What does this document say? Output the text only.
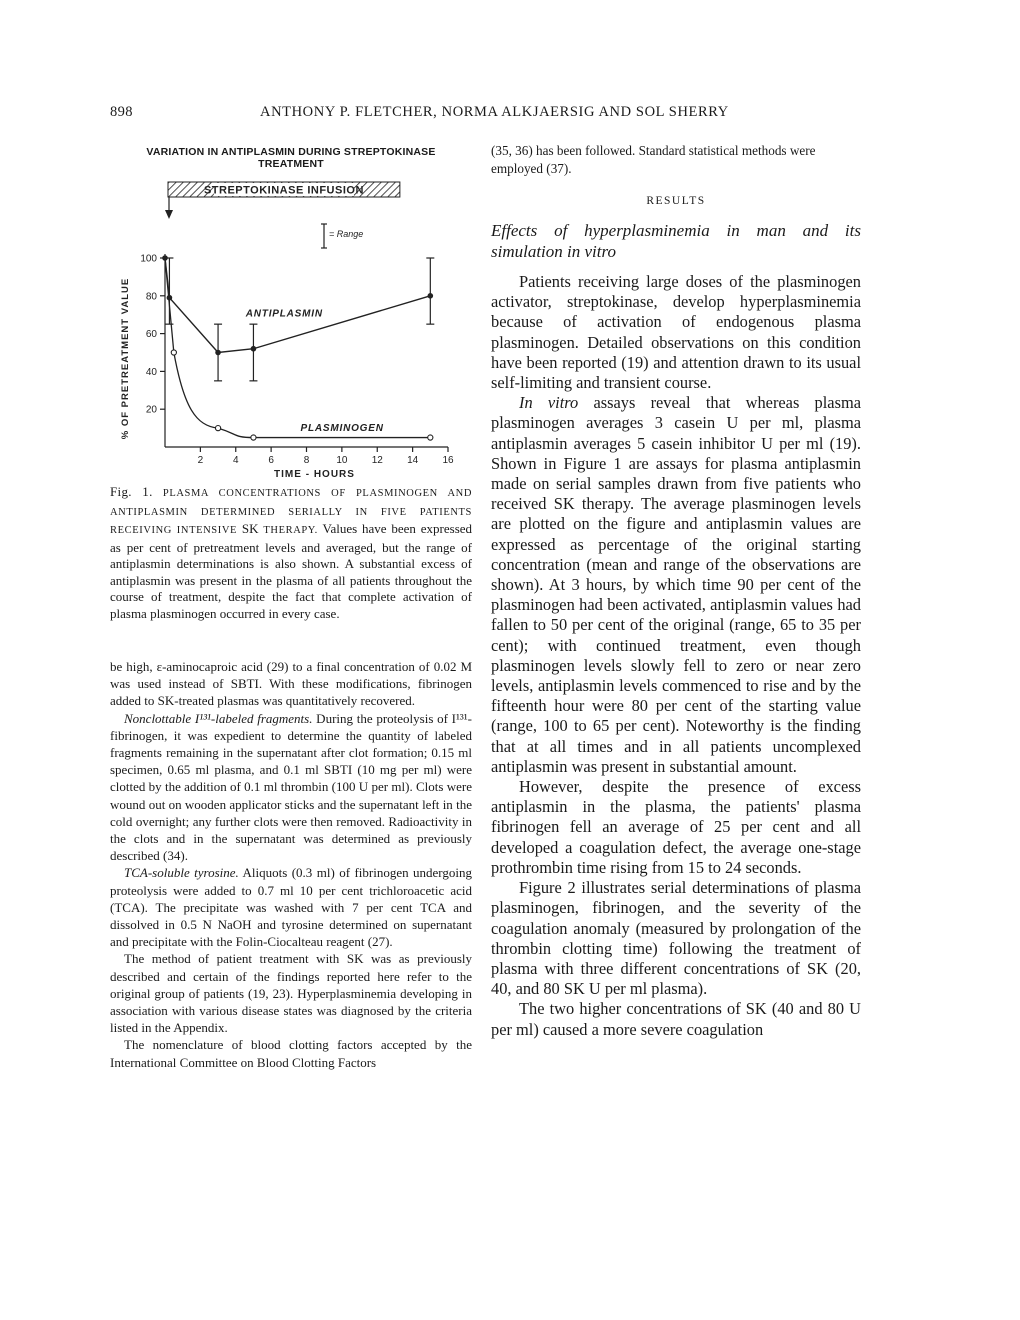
898	ANTHONY P. FLETCHER, NORMA ALKJAERSIG AND SOL SHERRY
VARIATION IN ANTIPLASMIN DURING STREPTOKINASE
TREATMENT
STREPTOKINASE INFUSION
= Range
20
40
60
80
100
2	4	6	8	10 12 14 16
% OF PRETREATMENT VALUE
TIME - HOURS
ANTIPLASMIN
PLASMINOGEN
Fig. 1. PLASMA CONCENTRATIONS OF PLASMINOGEN AND ANTIPLASMIN DETERMINED SERIALLY IN FIVE PATIENTS RECEIVING INTENSIVE SK THERAPY. Values have been expressed as per cent of pretreatment levels and averaged, but the range of antiplasmin determinations is also shown. A substantial excess of antiplasmin was present in the plasma of all patients throughout the course of treatment, despite the fact that complete activation of plasma plasminogen occurred in every case.

be high, ε-aminocaproic acid (29) to a final concentration of 0.02 M was used instead of SBTI. With these modifications, fibrinogen added to SK-treated plasmas was quantitatively recovered.

Nonclottable I¹³¹-labeled fragments. During the proteolysis of I¹³¹-fibrinogen, it was expedient to determine the quantity of labeled fragments remaining in the supernatant after clot formation; 0.15 ml specimen, 0.65 ml plasma, and 0.1 ml SBTI (10 mg per ml) were clotted by the addition of 0.1 ml thrombin (100 U per ml). Clots were wound out on wooden applicator sticks and the supernatant left in the cold overnight; any further clots were then removed. Radioactivity in the clots and in the supernatant was determined as previously described (34).

TCA-soluble tyrosine. Aliquots (0.3 ml) of fibrinogen undergoing proteolysis were added to 0.7 ml 10 per cent trichloroacetic acid (TCA). The precipitate was washed with 7 per cent TCA and dissolved in 0.5 N NaOH and tyrosine determined on supernatant and precipitate with the Folin-Ciocalteau reagent (27).

The method of patient treatment with SK was as previously described and certain of the findings reported here refer to the original group of patients (19, 23). Hyperplasminemia developing in association with various disease states was diagnosed by the criteria listed in the Appendix.

The nomenclature of blood clotting factors accepted by the International Committee on Blood Clotting Factors

(35, 36) has been followed. Standard statistical methods were employed (37).
RESULTS
Effects of hyperplasminemia in man and its simulation in vitro

Patients receiving large doses of the plasminogen activator, streptokinase, develop hyperplasminemia because of activation of endogenous plasma plasminogen. Detailed observations on this condition have been reported (19) and attention drawn to its usual self-limiting and transient course.

In vitro assays reveal that whereas plasma plasminogen averages 3 casein U per ml, plasma antiplasmin averages 5 casein inhibitor U per ml (19). Shown in Figure 1 are assays for plasma antiplasmin made on serial samples drawn from five patients who received SK therapy. The average plasminogen levels are plotted on the figure and antiplasmin values are expressed as percentage of the original starting concentration (mean and range of the observations are shown). At 3 hours, by which time 90 per cent of the plasminogen had been activated, antiplasmin values had fallen to 50 per cent of the original (range, 65 to 35 per cent); with continued treatment, even though plasminogen levels slowly fell to zero or near zero levels, antiplasmin levels commenced to rise and by the fifteenth hour were 80 per cent of the starting value (range, 100 to 65 per cent). Noteworthy is the finding that at all times and in all patients uncomplexed antiplasmin was present in substantial amount.

However, despite the presence of excess antiplasmin in the plasma, the patients' plasma fibrinogen fell an average of 25 per cent and all developed a coagulation defect, the average one-stage prothrombin time rising from 15 to 24 seconds.

Figure 2 illustrates serial determinations of plasma plasminogen, fibrinogen, and the severity of the coagulation anomaly (measured by prolongation of the thrombin clotting time) following the treatment of plasma with three different concentrations of SK (20, 40, and 80 SK U per ml plasma).

The two higher concentrations of SK (40 and 80 U per ml) caused a more severe coagulation
